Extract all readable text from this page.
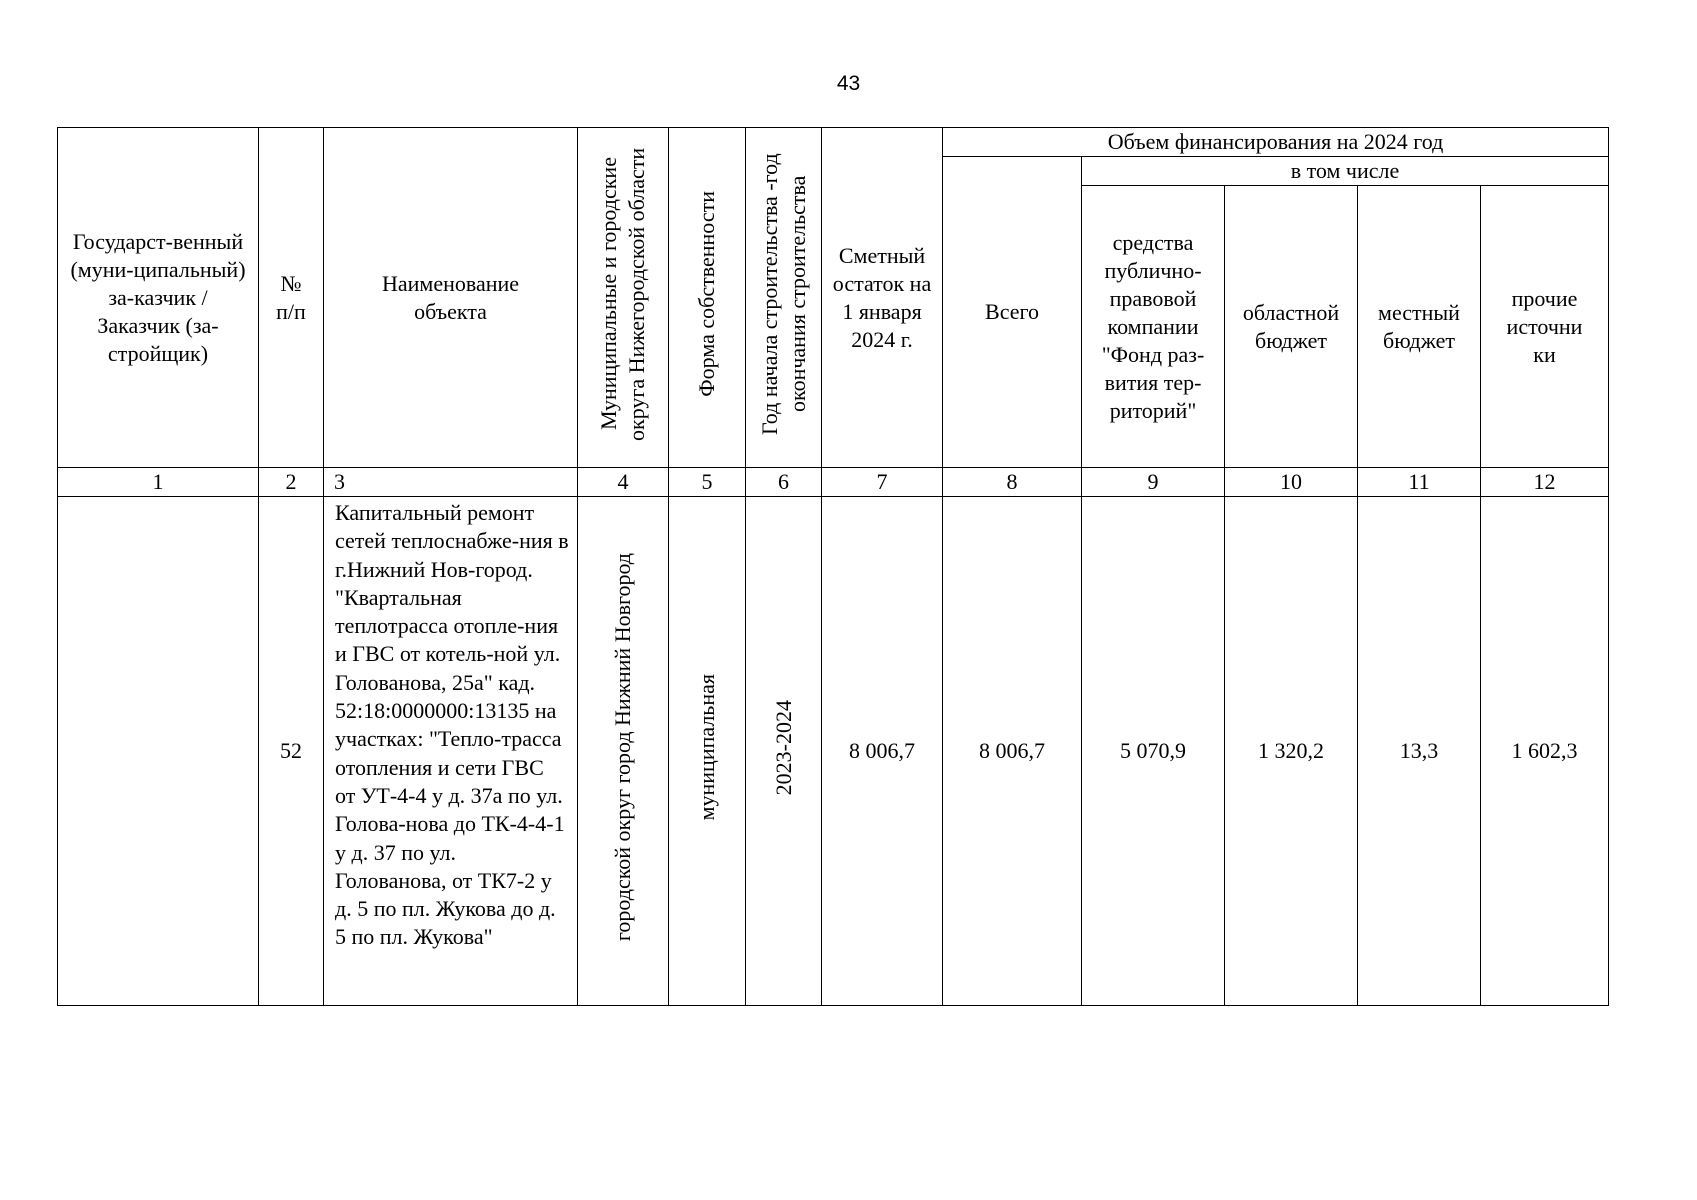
43
Государст-венный (муни-ципальный) за-казчик / Заказчик (за-стройщик)	№ п/п	Наименование объекта	Муниципальные и городские округа Нижегородской области	Форма собственности	Год начала строительства -год окончания строительства	Сметный остаток на 1 января 2024 г.	Объем финансирования на 2024 год				
							Всего	в том числе			

								средства публично-правовой компании "Фонд раз-вития тер-риторий"	областной бюджет	местный бюджет	прочие источни ки

1	2	3	4	5	6	7	8	9	10	11	12
	52	Капитальный ремонт сетей теплоснабже-ния в г.Нижний Нов-город. "Квартальная теплотрасса отопле-ния и ГВС от котель-ной ул. Голованова, 25а" кад. 52:18:0000000:13135 на участках: "Тепло-трасса отопления и сети ГВС от УТ-4-4 у д. 37а по ул. Голова-нова до ТК-4-4-1 у д. 37 по ул. Голованова, от ТК7-2 у д. 5 по пл. Жукова до д. 5 по пл. Жукова"	городской округ город Нижний Новгород	муниципальная	2023-2024	8 006,7	8 006,7	5 070,9	1 320,2	13,3	1 602,3
